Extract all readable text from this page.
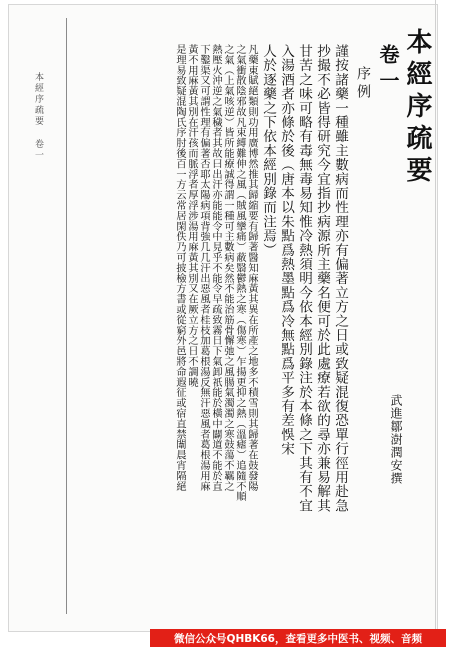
本經序疏要 卷一	本經序疏要
卷一
序例
謹按諸藥一種雖主數病而性理亦有偏著立方之日或致疑混復恐單行徑用赴急
抄撮不必皆得研究今宜指抄病源所主藥名便可於此處療若欲的尋亦兼易解其
甘苦之味可略有毒無毒易知惟冷熱須明今依本經別錄注於本條之下其有不宜
入湯酒者亦條於後（唐本以朱點爲熱墨點爲冷無點爲平多有差悞宋
人於逐藥之下依本經別錄而注焉）
凡藥東賦絕類則功用廣博然推其歸縮要有歸著醫知麻黃其異在所產之地多不積雪則其歸著在鼓發陽
之氣衝散陰邪故凡束縛難伸之風（賊風攣痛）蔽翳鬱熱之寒（傷寒）乍揚更抑之熱（溫瘧）追隨不順
之氣（上氣咳逆）皆所能療誠得謂一種可主數病矣然不能治筋骨懈弛之風腸氣濁濁之寒鼓蕩不羈之
熱壓火沖逆之氣穢者其故曰出汗亦能能令中見乎不能令早疏致霧日下氣卸祇能於橫中闢道不能於直
下鑿渠又可謂性理有偏著否耶太陽病項背強几几汗出惡風者桂枝加葛根湯反無汗惡風者葛根湯用麻
黃不用麻黃其別在汗孩而脈浮者厚浮涉湯用麻黃其別又在厥立方之日不調曉
是理易致疑混陶氏序肘後百一方云常居閑佚乃可披檢方書或從窮外邑將命遐征或宿直禁闈晨宵隔絕	武進鄒澍潤安撰
微信公众号QHBK66，查看更多中医书、视频、音频
